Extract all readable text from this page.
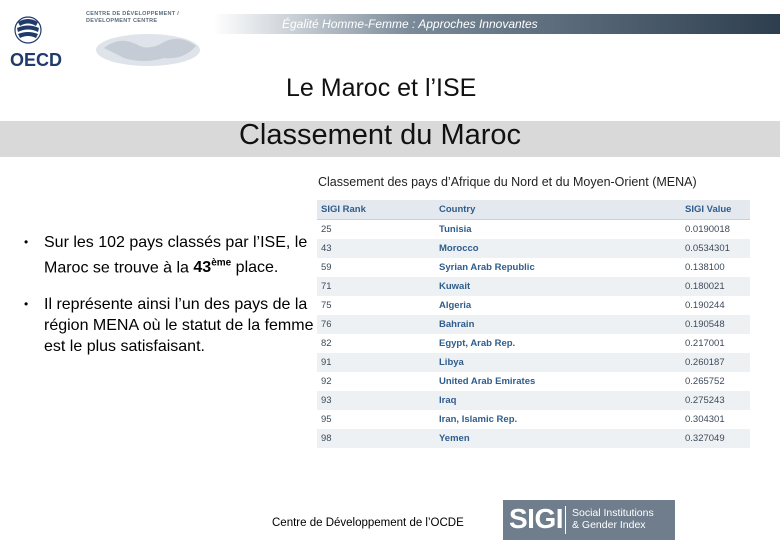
OECD
CENTRE DE DÉVELOPPEMENT / DEVELOPMENT CENTRE	Égalité Homme-Femme : Approches Innovantes
Le Maroc et l’ISE
Classement du Maroc
Classement des pays d’Afrique du Nord et du Moyen-Orient (MENA)
• Sur les 102 pays classés par l’ISE, le Maroc se trouve à la 43ème place.
• Il représente ainsi l’un des pays de la région MENA où le statut de la femme est le plus satisfaisant.
SIGI Rank	Country	SIGI Value
25	Tunisia	0.0190018
43	Morocco	0.0534301
59	Syrian Arab Republic	0.138100
71	Kuwait	0.180021
75	Algeria	0.190244
76	Bahrain	0.190548
82	Egypt, Arab Rep.	0.217001
91	Libya	0.260187
92	United Arab Emirates	0.265752
93	Iraq	0.275243
95	Iran, Islamic Rep.	0.304301
98	Yemen	0.327049
Centre de Développement de l’OCDE SIGI Social Institutions
& Gender Index
